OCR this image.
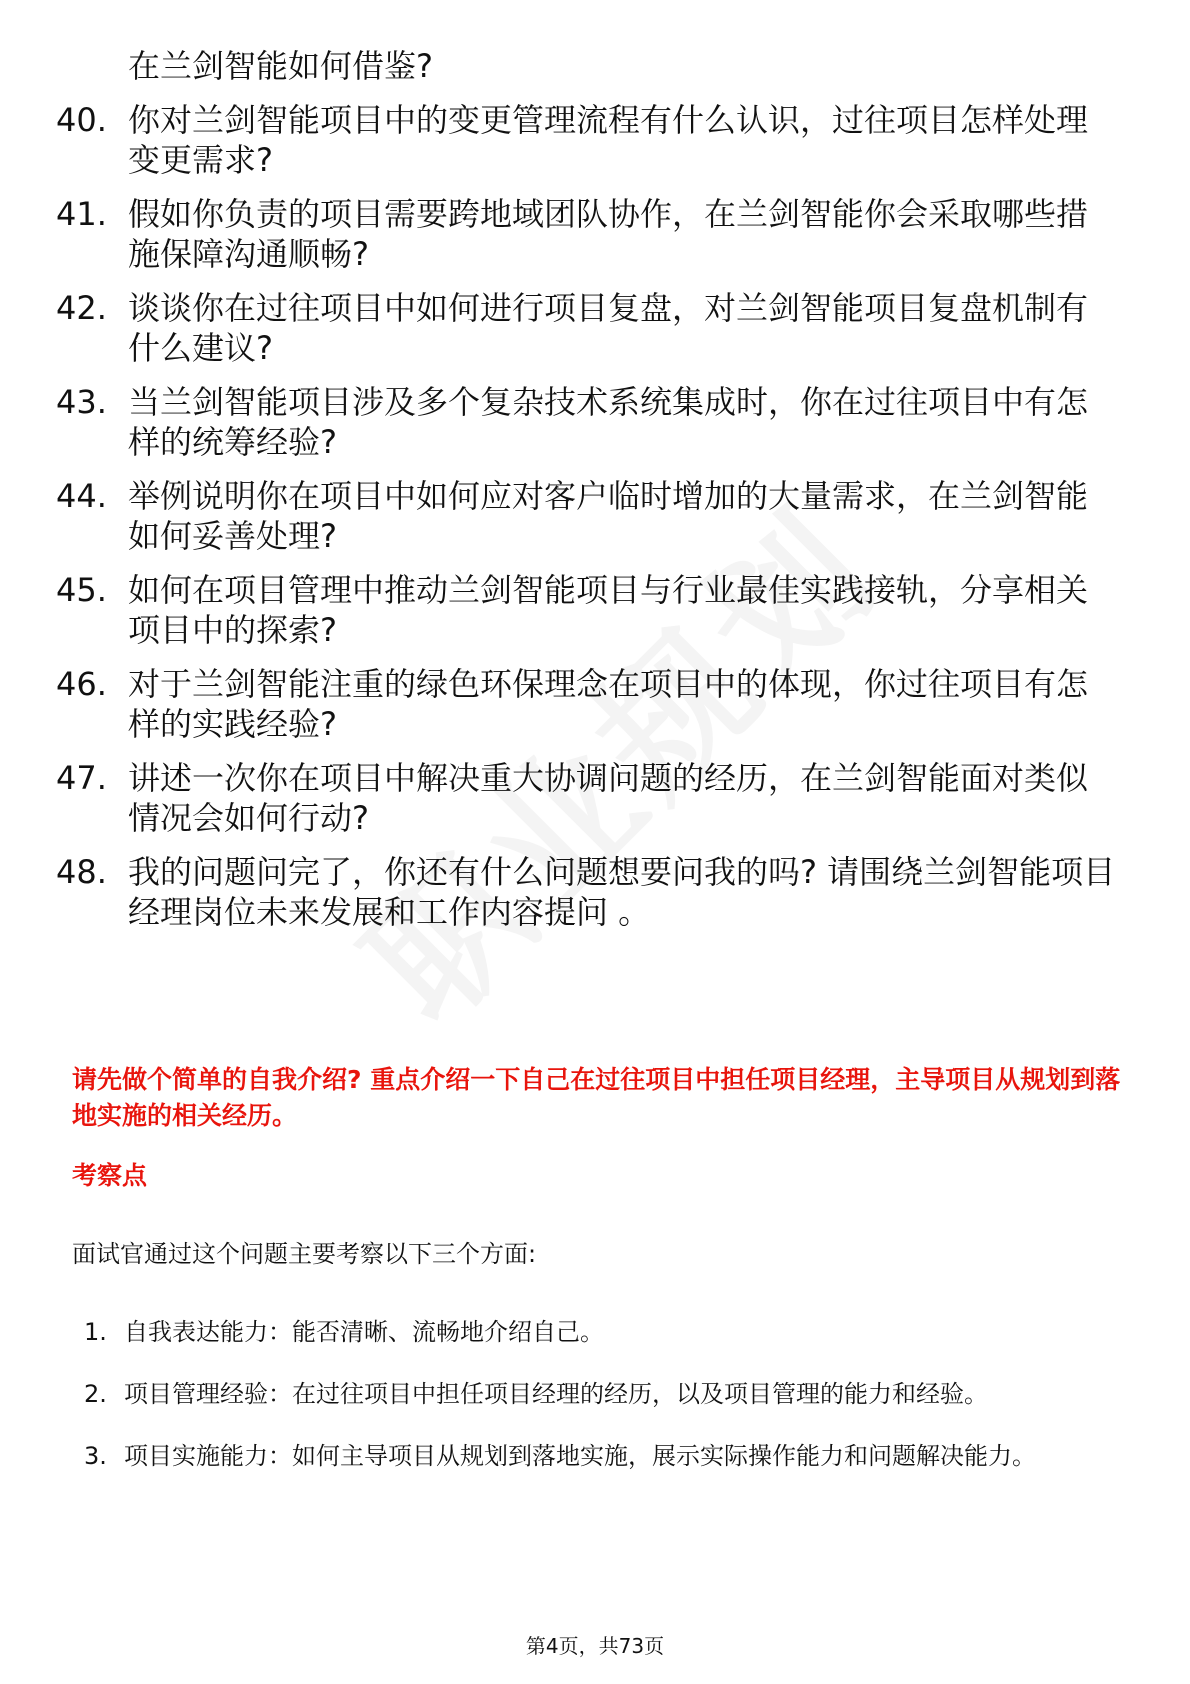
在兰剑智能如何借鉴?
40. 你对兰剑智能项目中的变更管理流程有什么认识，过往项目怎样处理变更需求?
41. 假如你负责的项目需要跨地域团队协作，在兰剑智能你会采取哪些措施保障沟通顺畅?
42. 谈谈你在过往项目中如何进行项目复盘，对兰剑智能项目复盘机制有什么建议?
43. 当兰剑智能项目涉及多个复杂技术系统集成时，你在过往项目中有怎样的统筹经验?
44. 举例说明你在项目中如何应对客户临时增加的大量需求，在兰剑智能如何妥善处理?
45. 如何在项目管理中推动兰剑智能项目与行业最佳实践接轨，分享相关项目中的探索?
46. 对于兰剑智能注重的绿色环保理念在项目中的体现，你过往项目有怎样的实践经验?
47. 讲述一次你在项目中解决重大协调问题的经历，在兰剑智能面对类似情况会如何行动?
48. 我的问题问完了，你还有什么问题想要问我的吗? 请围绕兰剑智能项目经理岗位未来发展和工作内容提问 。
请先做个简单的自我介绍? 重点介绍一下自己在过往项目中担任项目经理，主导项目从规划到落地实施的相关经历。
考察点
面试官通过这个问题主要考察以下三个方面:
1. 自我表达能力：能否清晰、流畅地介绍自己。
2. 项目管理经验：在过往项目中担任项目经理的经历，以及项目管理的能力和经验。
3. 项目实施能力：如何主导项目从规划到落地实施，展示实际操作能力和问题解决能力。
第4页，共73页
